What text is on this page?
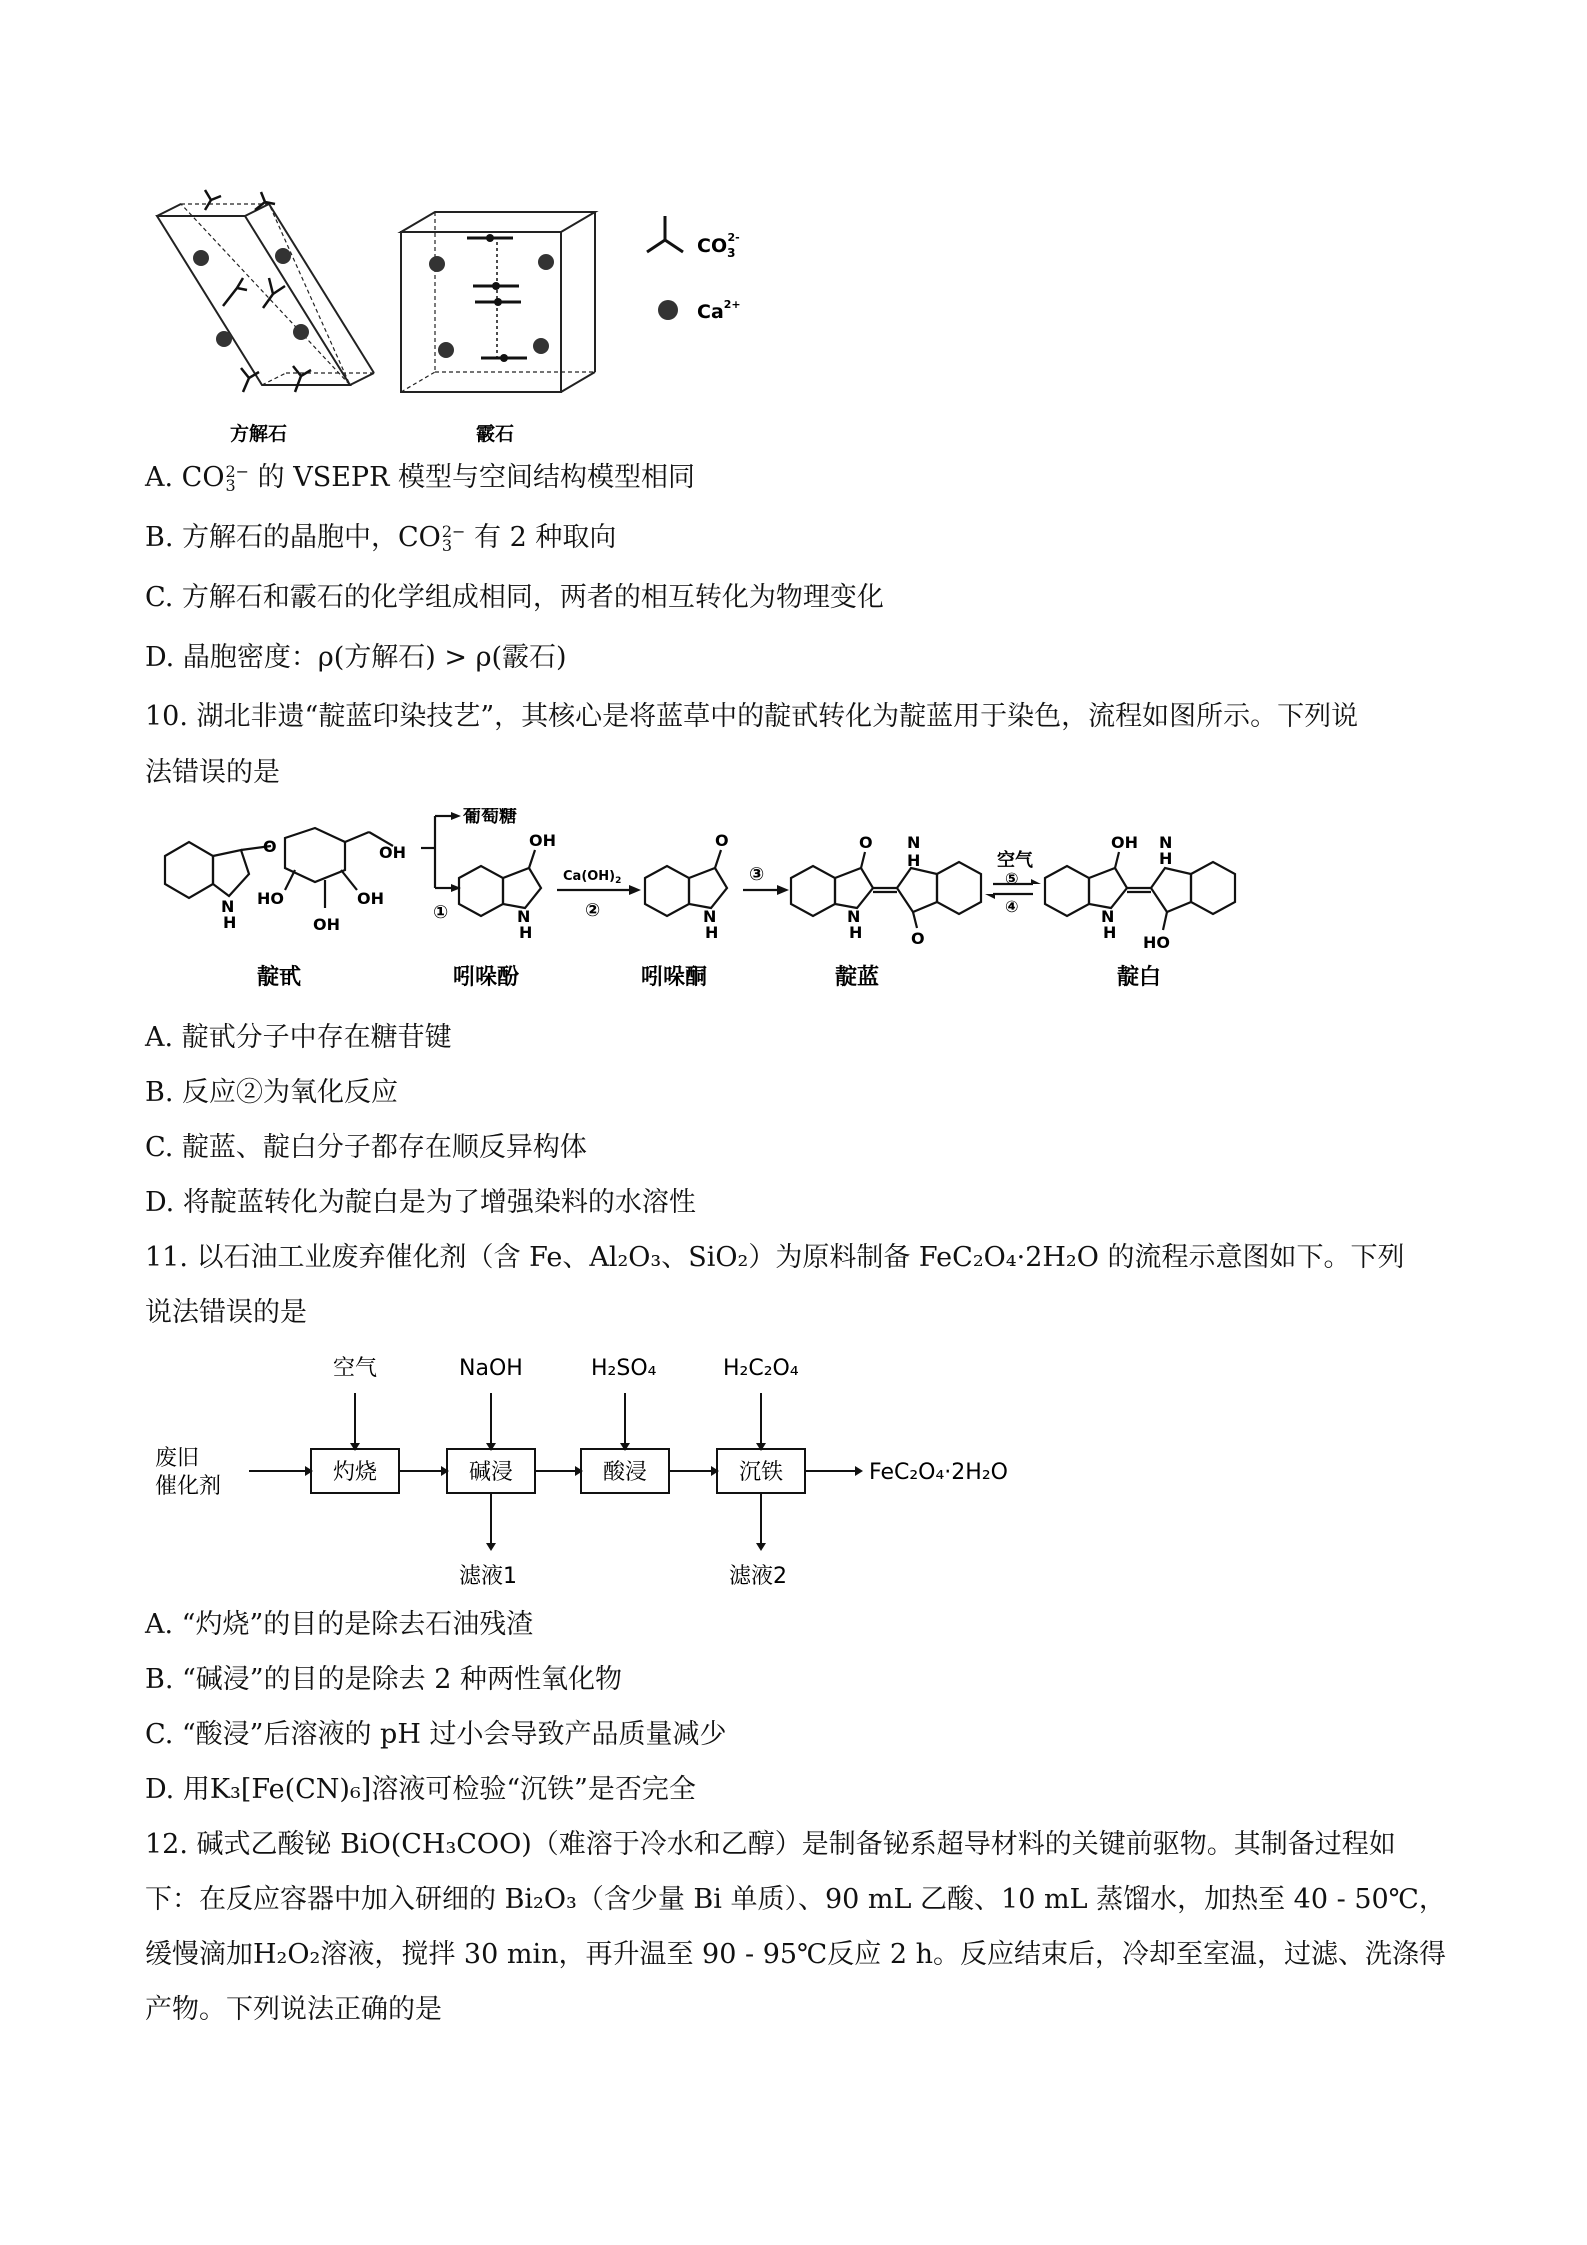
方解石	霰石
$CO_32-$
$Ca^{2+}$
A. CO 2−
3 的 VSEPR 模型与空间结构模型相同
B. 方解石的晶胞中，CO 2−
3 有 2 种取向
C. 方解石和霰石的化学组成相同，两者的相互转化为物理变化
D. 晶胞密度：ρ(方解石) > ρ(霰石)
10. 湖北非遗“靛蓝印染技艺”，其核心是将蓝草中的靛甙转化为靛蓝用于染色，流程如图所示。下列说
法错误的是
葡萄糖
①
$Ca(OH)_2$
②
③
空气
⑤
④
OH
HO	OH
OH
O
N
H
OH
N
H
O
N
H
O
N
H
H
N
O
OH
N
H
N
H
HO
靛甙	吲哚酚	吲哚酮	靛蓝	靛白
A. 靛甙分子中存在糖苷键
B. 反应②为氧化反应
C. 靛蓝、靛白分子都存在顺反异构体
D. 将靛蓝转化为靛白是为了增强染料的水溶性
11. 以石油工业废弃催化剂（含 Fe、Al₂O₃、SiO₂）为原料制备 FeC₂O₄·2H₂O 的流程示意图如下。下列
说法错误的是
空气	NaOH	H₂SO₄	H₂C₂O₄
废旧
催化剂
灼烧	碱浸	酸浸	沉铁	FeC₂O₄·2H₂O
滤液1	滤液2
A. “灼烧”的目的是除去石油残渣
B. “碱浸”的目的是除去 2 种两性氧化物
C. “酸浸”后溶液的 pH 过小会导致产品质量减少
D. 用K₃[Fe(CN)₆]溶液可检验“沉铁”是否完全
12. 碱式乙酸铋 BiO(CH₃COO)（难溶于冷水和乙醇）是制备铋系超导材料的关键前驱物。其制备过程如
下：在反应容器中加入研细的 Bi₂O₃（含少量 Bi 单质）、90 mL 乙酸、10 mL 蒸馏水，加热至 40 - 50℃，
缓慢滴加H₂O₂溶液，搅拌 30 min，再升温至 90 - 95℃反应 2 h。反应结束后，冷却至室温，过滤、洗涤得
产物。下列说法正确的是
